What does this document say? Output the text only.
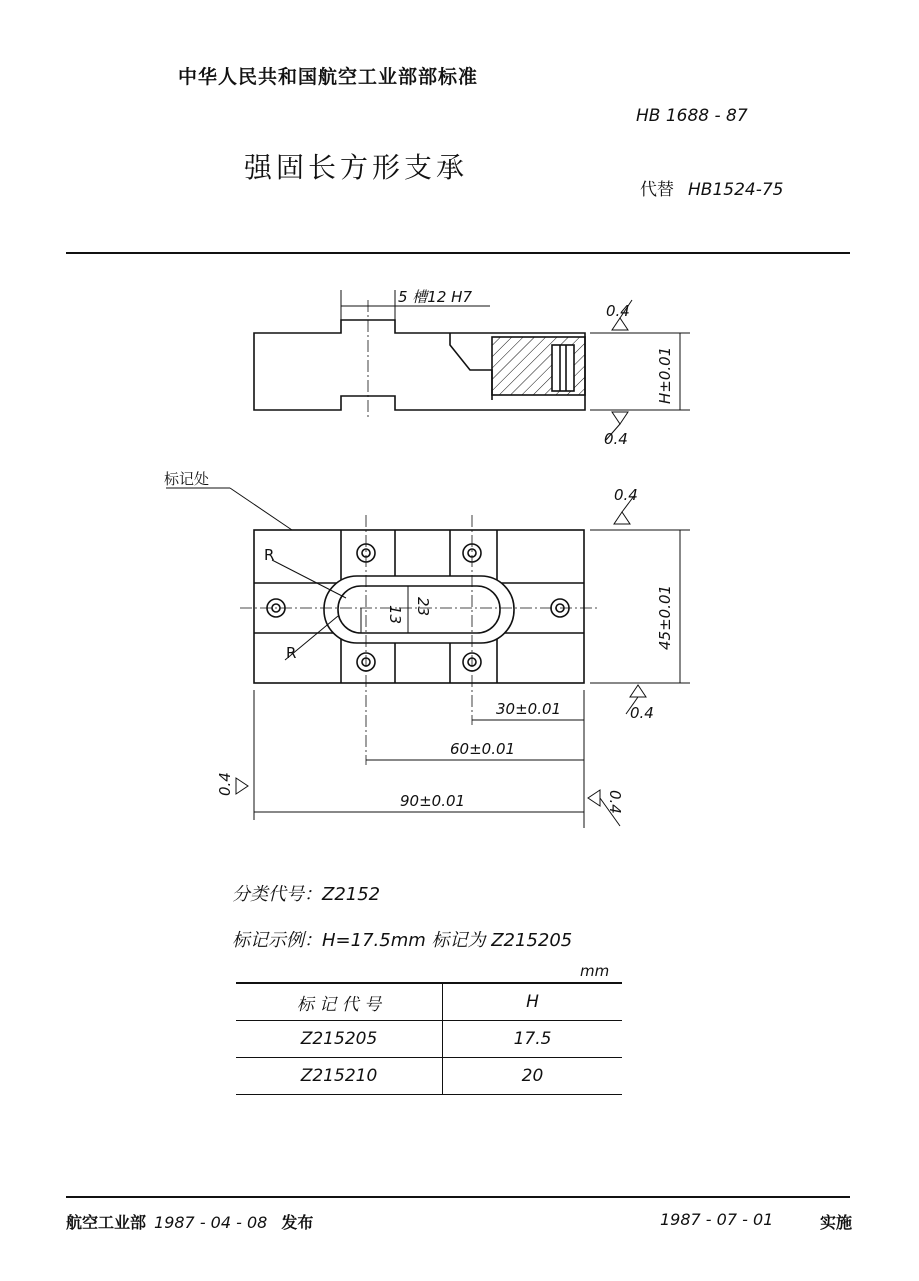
中华人民共和国航空工业部部标准
HB 1688 - 87
强固长方形支承
代替 HB1524-75
5 槽12 H7
0.4
0.4
H±0.01
标记处
0.4
R
R
13 23	45±0.01
0.4
30±0.01
60±0.01
90±0.01
0.4
0.4
分类代号：Z2152
标记示例：H=17.5mm 标记为 Z215205
mm
标 记 代 号	H
Z215205	17.5
Z215210	20
航空工业部 1987 - 04 - 08 发布	1987 - 07 - 01	实施
